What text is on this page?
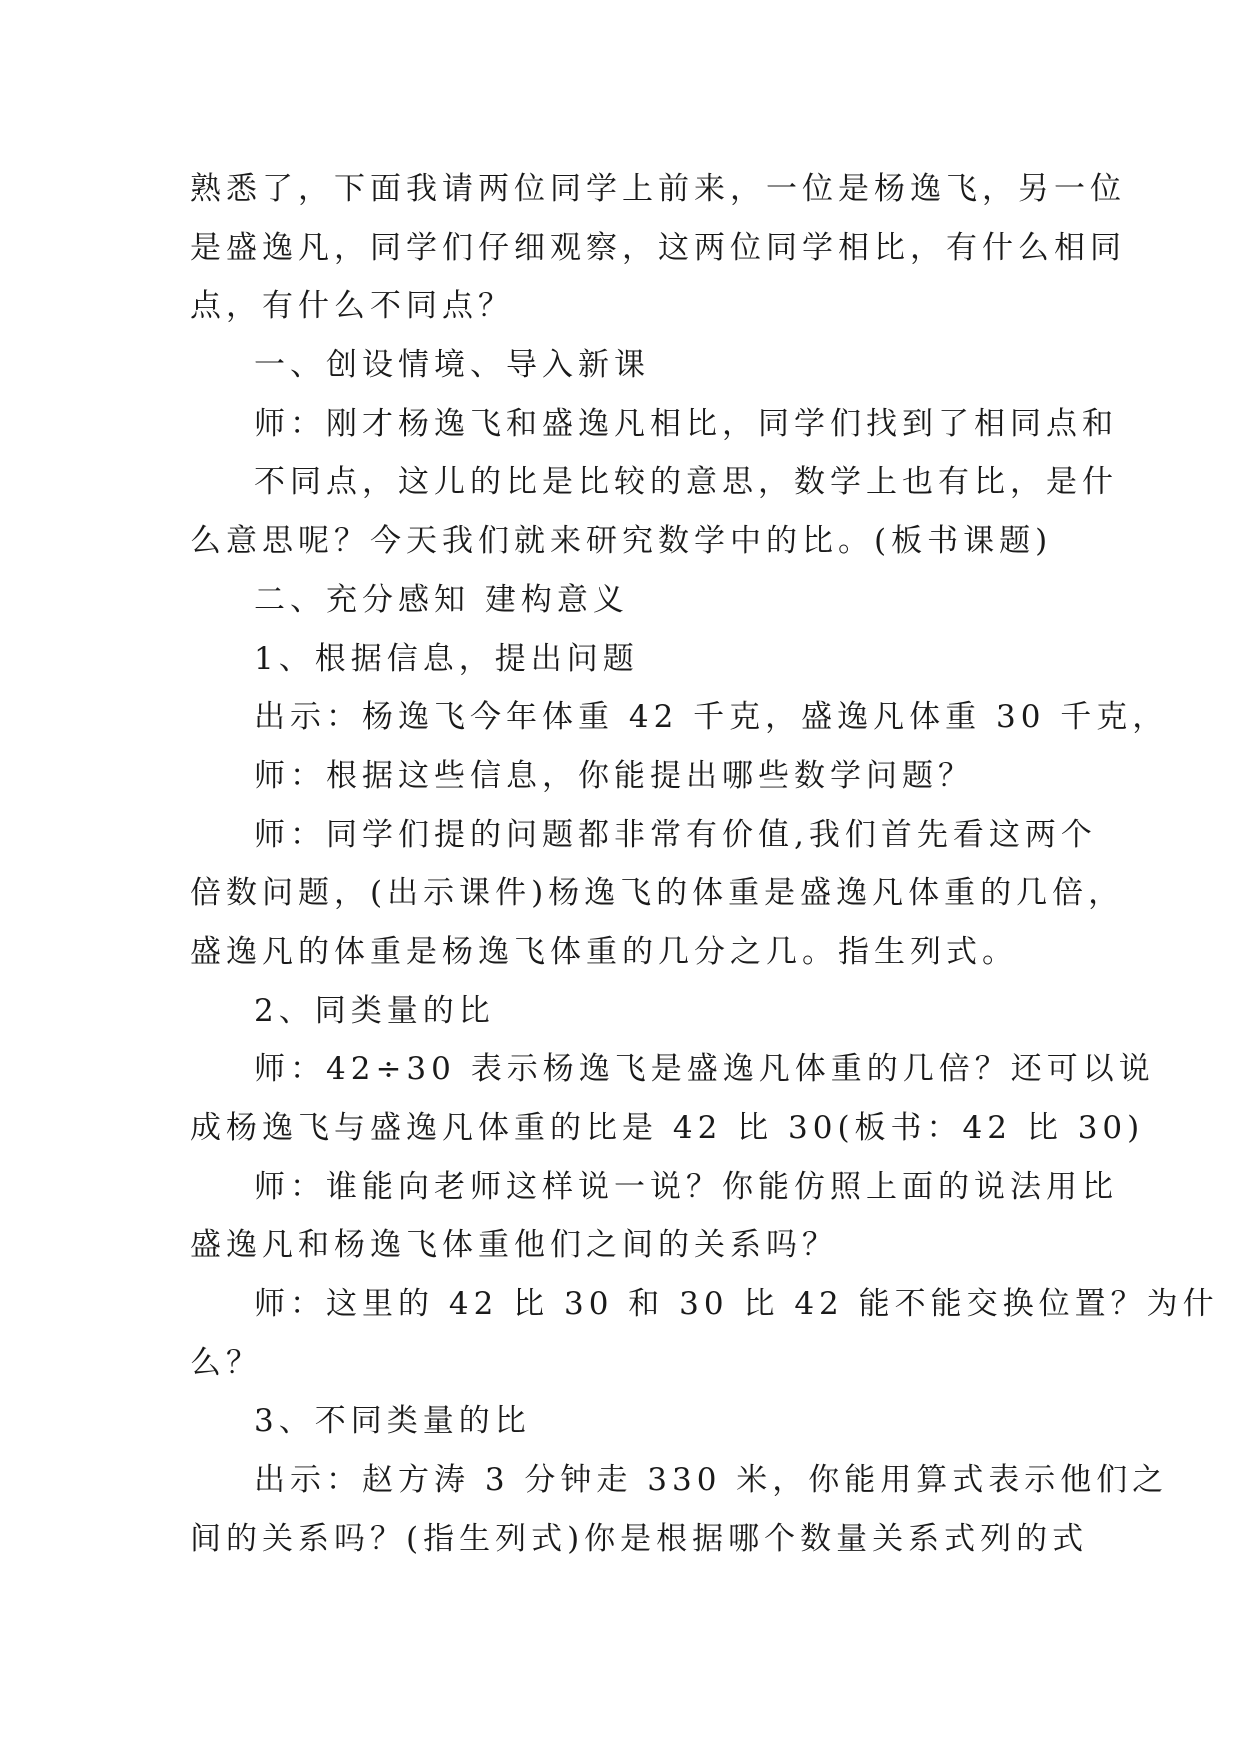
熟悉了，下面我请两位同学上前来，一位是杨逸飞，另一位
是盛逸凡，同学们仔细观察，这两位同学相比，有什么相同
点，有什么不同点？
一、创设情境、导入新课
师：刚才杨逸飞和盛逸凡相比，同学们找到了相同点和
不同点，这儿的比是比较的意思，数学上也有比，是什
么意思呢？今天我们就来研究数学中的比。(板书课题)
二、充分感知 建构意义
1、根据信息，提出问题
出示：杨逸飞今年体重 42 千克，盛逸凡体重 30 千克，
师：根据这些信息，你能提出哪些数学问题？
师：同学们提的问题都非常有价值,我们首先看这两个
倍数问题，(出示课件)杨逸飞的体重是盛逸凡体重的几倍，
盛逸凡的体重是杨逸飞体重的几分之几。指生列式。
2、同类量的比
师：42÷30 表示杨逸飞是盛逸凡体重的几倍？还可以说
成杨逸飞与盛逸凡体重的比是 42 比 30(板书：42 比 30)
师：谁能向老师这样说一说？你能仿照上面的说法用比
盛逸凡和杨逸飞体重他们之间的关系吗？
师：这里的 42 比 30 和 30 比 42 能不能交换位置？为什
么？
3、不同类量的比
出示：赵方涛 3 分钟走 330 米，你能用算式表示他们之
间的关系吗？(指生列式)你是根据哪个数量关系式列的式
